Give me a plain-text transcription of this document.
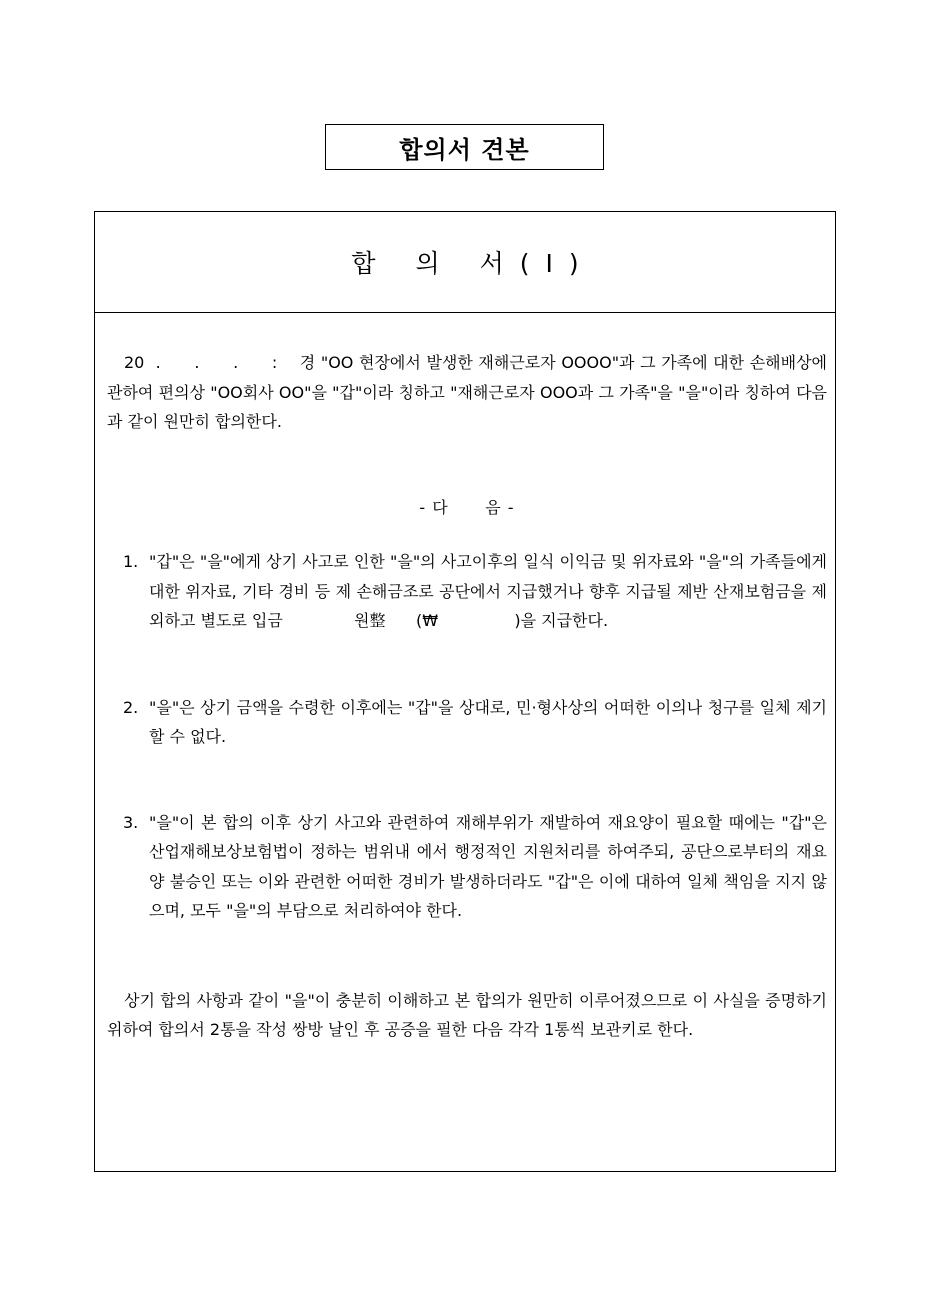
합의서 견본
합 의 서(Ⅰ)

20  .      .      .      :    경 "OO 현장에서 발생한 재해근로자 OOOO"과 그 가족에 대한 손해배상에 관하여 편의상 "OO회사 OO"을 "갑"이라 칭하고 "재해근로자 OOO과 그 가족"을 "을"이라 칭하여 다음과 같이 원만히 합의한다.

- 다      음 -
1. "갑"은 "을"에게 상기 사고로 인한 "을"의 사고이후의 일식 이익금 및 위자료와 "을"의 가족들에게 대한 위자료, 기타 경비 등 제 손해금조로 공단에서 지급했거나 향후 지급될 제반 산재보험금을 제외하고 별도로 입금              원整      (₩               )을 지급한다.
2. "을"은 상기 금액을 수령한 이후에는 "갑"을 상대로, 민·형사상의 어떠한 이의나 청구를 일체 제기할 수 없다.
3. "을"이 본 합의 이후 상기 사고와 관련하여 재해부위가 재발하여 재요양이 필요할 때에는 "갑"은 산업재해보상보험법이 정하는 범위내 에서 행정적인 지원처리를 하여주되, 공단으로부터의 재요양 불승인 또는 이와 관련한 어떠한 경비가 발생하더라도 "갑"은 이에 대하여 일체 책임을 지지 않으며, 모두 "을"의 부담으로 처리하여야 한다.

상기 합의 사항과 같이 "을"이 충분히 이해하고 본 합의가 원만히 이루어졌으므로 이 사실을 증명하기 위하여 합의서 2통을 작성 쌍방 날인 후 공증을 필한 다음 각각 1통씩 보관키로 한다.
